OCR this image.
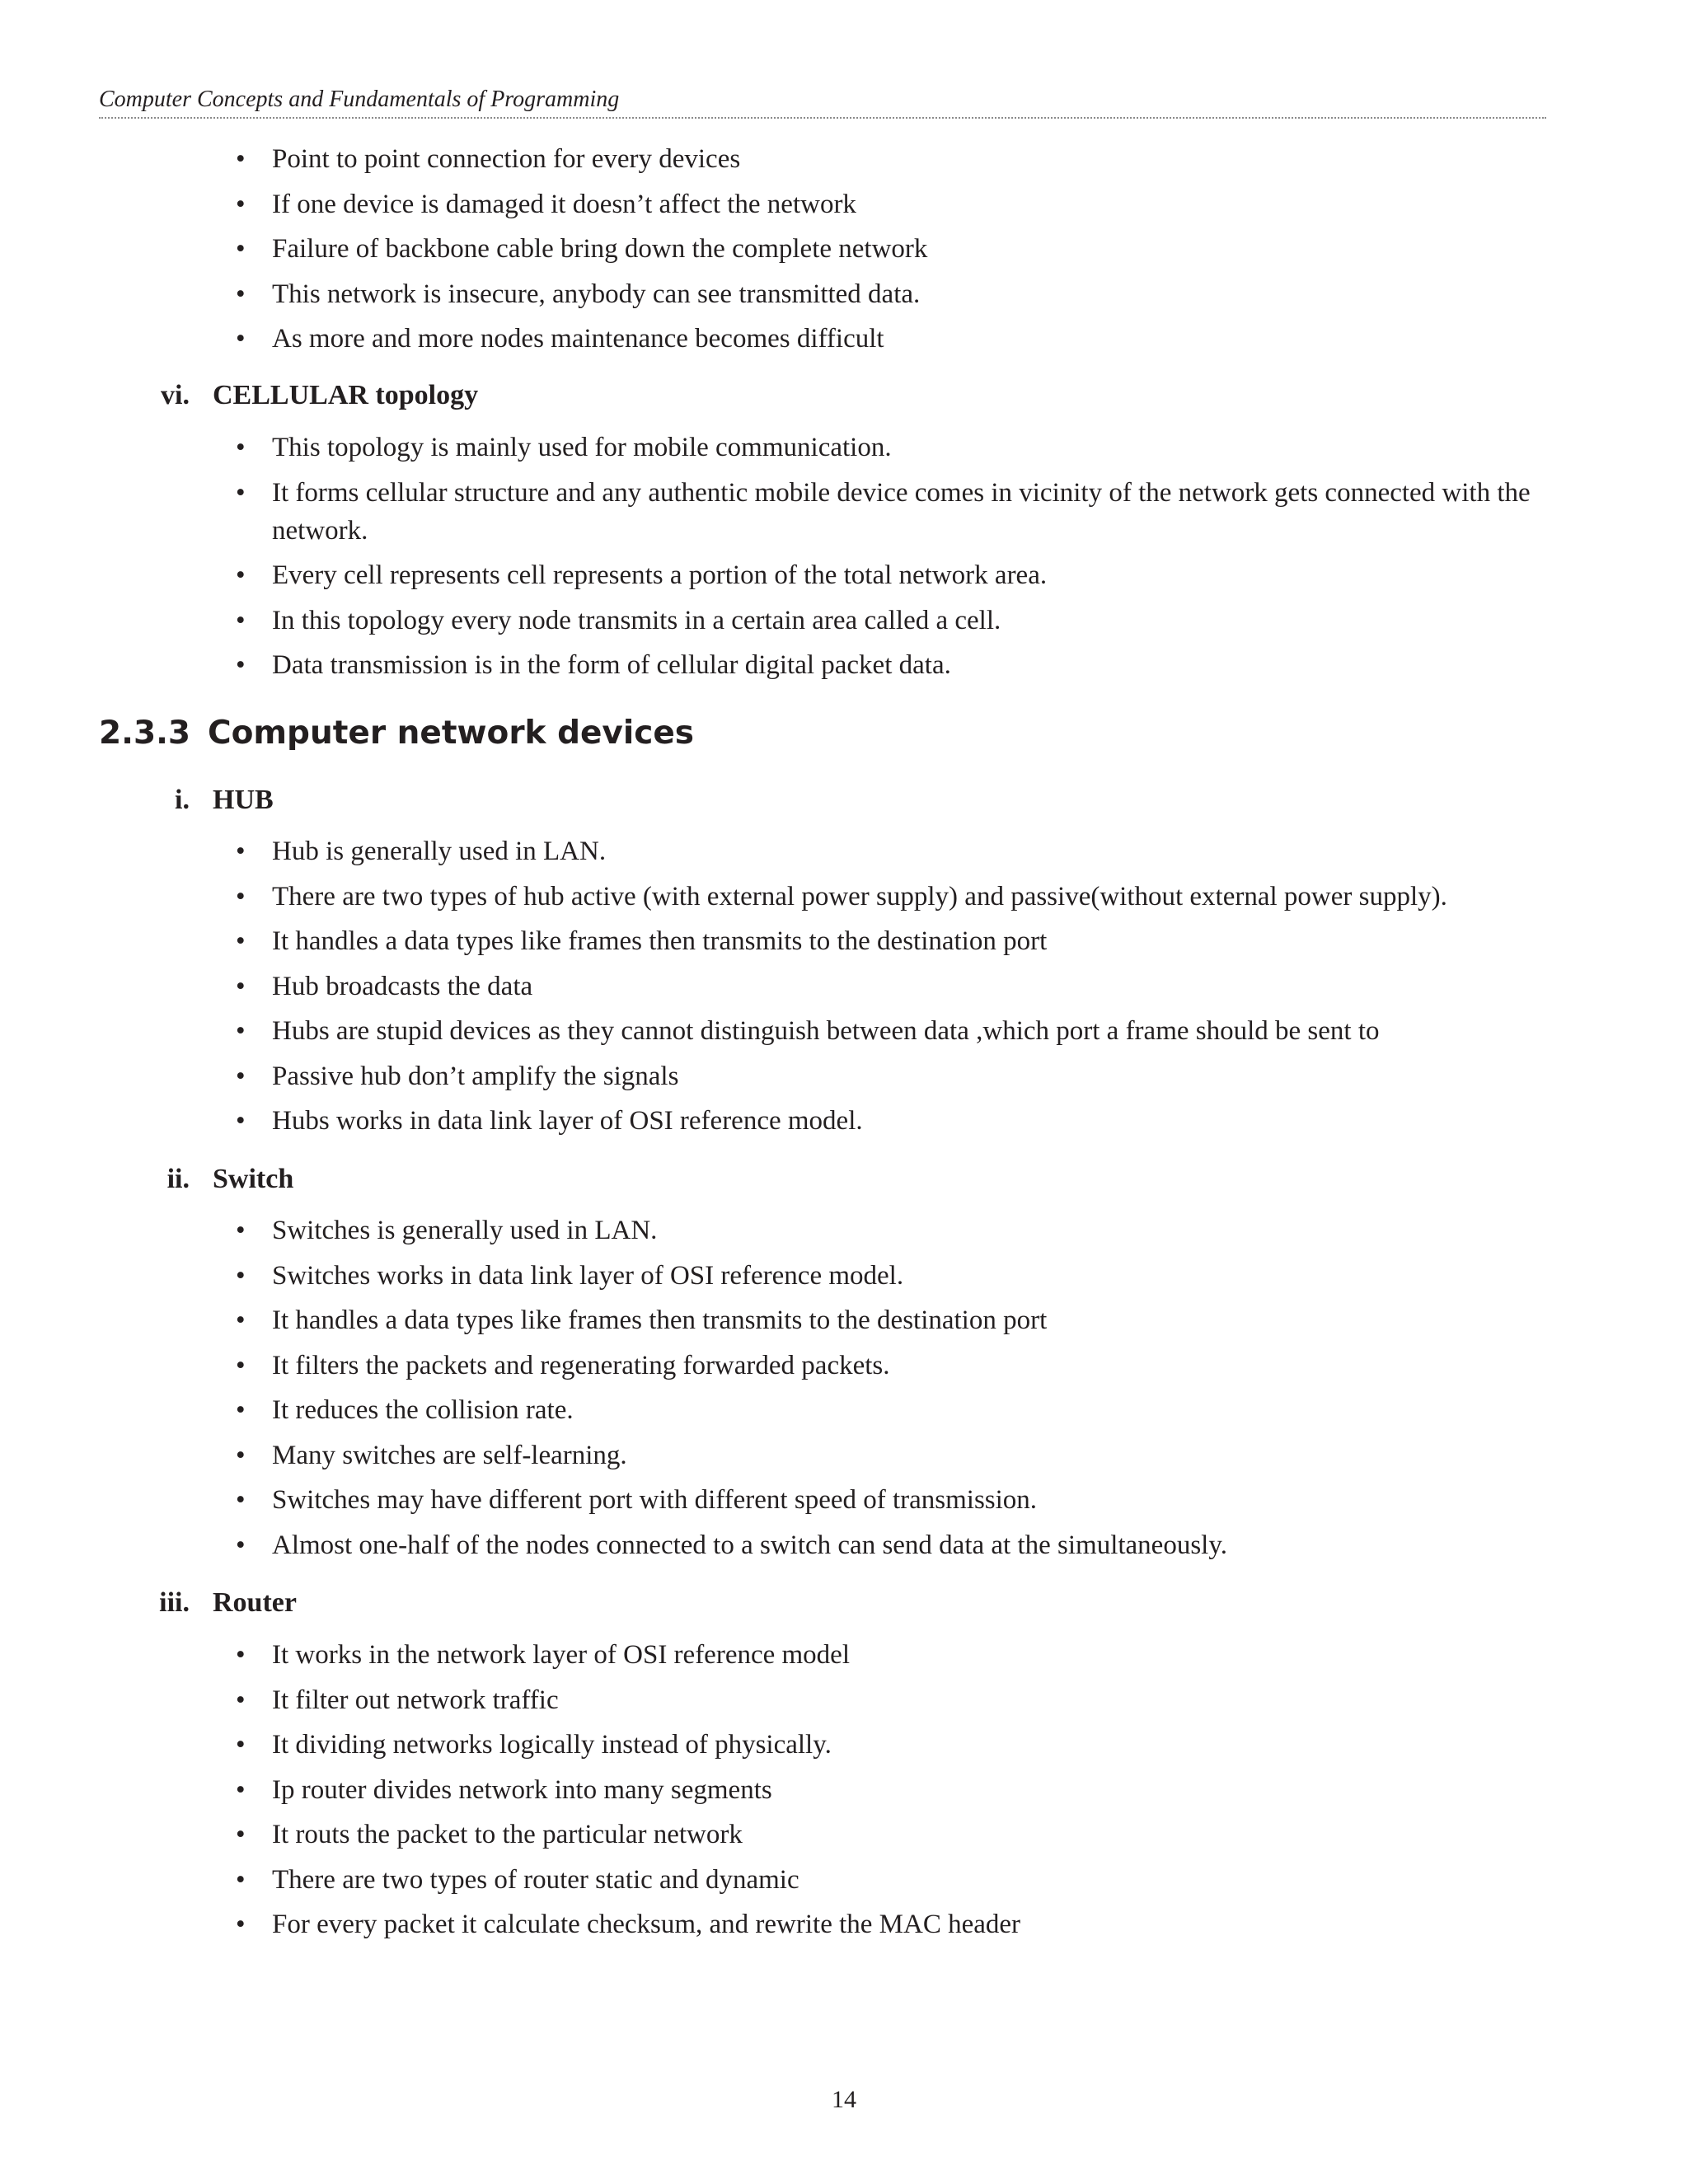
Computer Concepts and Fundamentals of Programming
• Point to point connection for every devices
• If one device is damaged it doesn’t affect the network
• Failure of backbone cable bring down the complete network
• This network is insecure, anybody can see transmitted data.
• As more and more nodes maintenance becomes difficult
vi. CELLULAR topology
• This topology is mainly used for mobile communication.
• It forms cellular structure and any authentic mobile device comes in vicinity of the network gets connected with the network.
• Every cell represents cell represents a portion of the total network area.
• In this topology every node transmits in a certain area called a cell.
• Data transmission is in the form of cellular digital packet data.
2.3.3 Computer network devices
i. HUB
• Hub is generally used in LAN.
• There are two types of hub active (with external power supply) and passive(without external power supply).
• It handles a data types like frames then transmits to the destination port
• Hub broadcasts the data
• Hubs are stupid devices as they cannot distinguish between data ,which port a frame should be sent to
• Passive hub don’t amplify the signals
• Hubs works in data link layer of OSI reference model.
ii. Switch
• Switches is generally used in LAN.
• Switches works in data link layer of OSI reference model.
• It handles a data types like frames then transmits to the destination port
• It filters the packets and regenerating forwarded packets.
• It reduces the collision rate.
• Many switches are self-learning.
• Switches may have different port with different speed of transmission.
• Almost one-half of the nodes connected to a switch can send data at the simultaneously.
iii. Router
• It works in the network layer of OSI reference model
• It filter out network traffic
• It dividing networks logically instead of physically.
• Ip router divides network into many segments
• It routs the packet to the particular network
• There are two types of router static and dynamic
• For every packet it calculate checksum, and rewrite the MAC header
14
